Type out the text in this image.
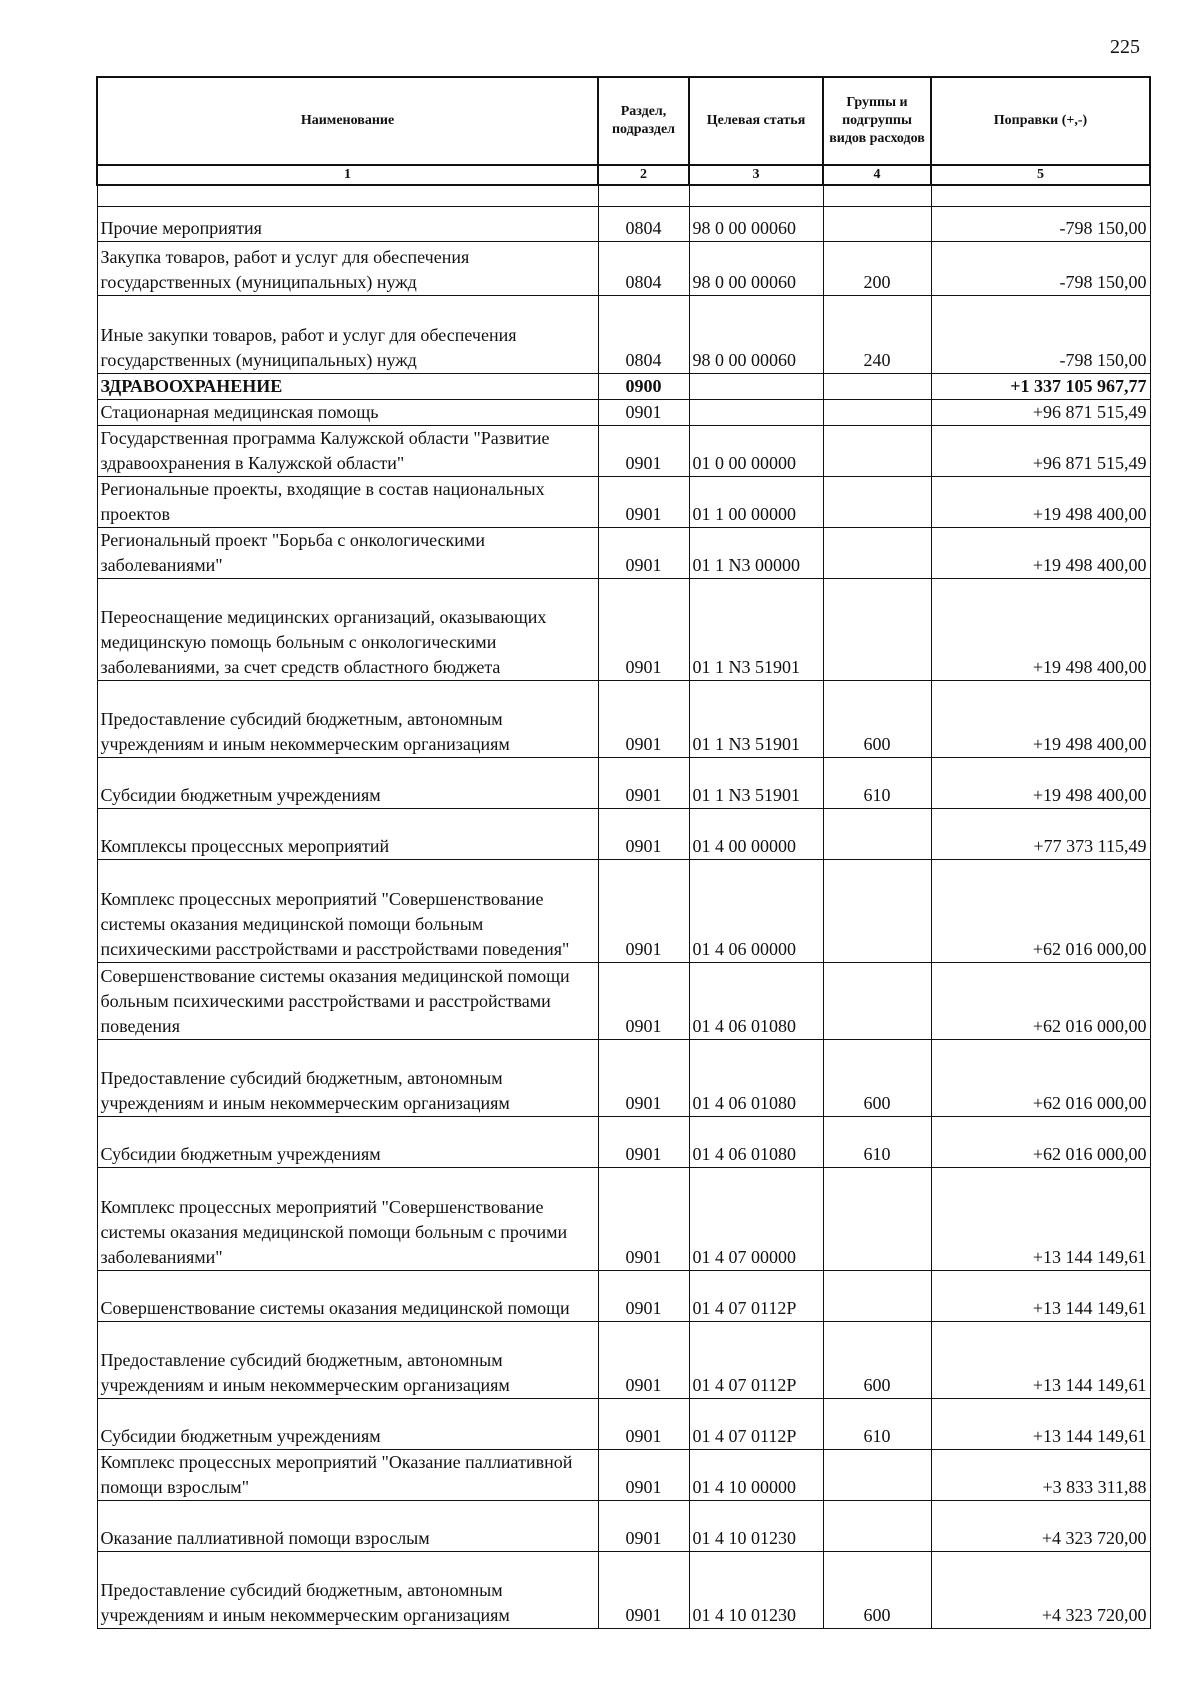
225
Наименование	Раздел, подраздел	Целевая статья	Группы и подгруппы видов расходов	Поправки (+,-)
1	2	3	4	5

Прочие мероприятия	0804	98 0 00 00060		-798 150,00
Закупка товаров, работ и услуг для обеспечения государственных (муниципальных) нужд	0804	98 0 00 00060	200	-798 150,00
Иные закупки товаров, работ и услуг для обеспечения государственных (муниципальных) нужд	0804	98 0 00 00060	240	-798 150,00
ЗДРАВООХРАНЕНИЕ	0900			+1 337 105 967,77
Стационарная медицинская помощь	0901			+96 871 515,49
Государственная программа Калужской области "Развитие здравоохранения в Калужской области"	0901	01 0 00 00000		+96 871 515,49
Региональные проекты, входящие в состав национальных проектов	0901	01 1 00 00000		+19 498 400,00
Региональный проект "Борьба с онкологическими заболеваниями"	0901	01 1 N3 00000		+19 498 400,00
Переоснащение медицинских организаций, оказывающих медицинскую помощь больным с онкологическими заболеваниями, за счет средств областного бюджета	0901	01 1 N3 51901		+19 498 400,00
Предоставление субсидий бюджетным, автономным учреждениям и иным некоммерческим организациям	0901	01 1 N3 51901	600	+19 498 400,00
Субсидии бюджетным учреждениям	0901	01 1 N3 51901	610	+19 498 400,00
Комплексы процессных мероприятий	0901	01 4 00 00000		+77 373 115,49
Комплекс процессных мероприятий "Совершенствование системы оказания медицинской помощи больным психическими расстройствами и расстройствами поведения"	0901	01 4 06 00000		+62 016 000,00
Совершенствование системы оказания медицинской помощи больным психическими расстройствами и расстройствами поведения	0901	01 4 06 01080		+62 016 000,00
Предоставление субсидий бюджетным, автономным учреждениям и иным некоммерческим организациям	0901	01 4 06 01080	600	+62 016 000,00
Субсидии бюджетным учреждениям	0901	01 4 06 01080	610	+62 016 000,00
Комплекс процессных мероприятий "Совершенствование системы оказания медицинской помощи больным с прочими заболеваниями"	0901	01 4 07 00000		+13 144 149,61
Совершенствование системы оказания медицинской помощи	0901	01 4 07 0112Р		+13 144 149,61
Предоставление субсидий бюджетным, автономным учреждениям и иным некоммерческим организациям	0901	01 4 07 0112Р	600	+13 144 149,61
Субсидии бюджетным учреждениям	0901	01 4 07 0112Р	610	+13 144 149,61
Комплекс процессных мероприятий "Оказание паллиативной помощи взрослым"	0901	01 4 10 00000		+3 833 311,88
Оказание паллиативной помощи взрослым	0901	01 4 10 01230		+4 323 720,00
Предоставление субсидий бюджетным, автономным учреждениям и иным некоммерческим организациям	0901	01 4 10 01230	600	+4 323 720,00
